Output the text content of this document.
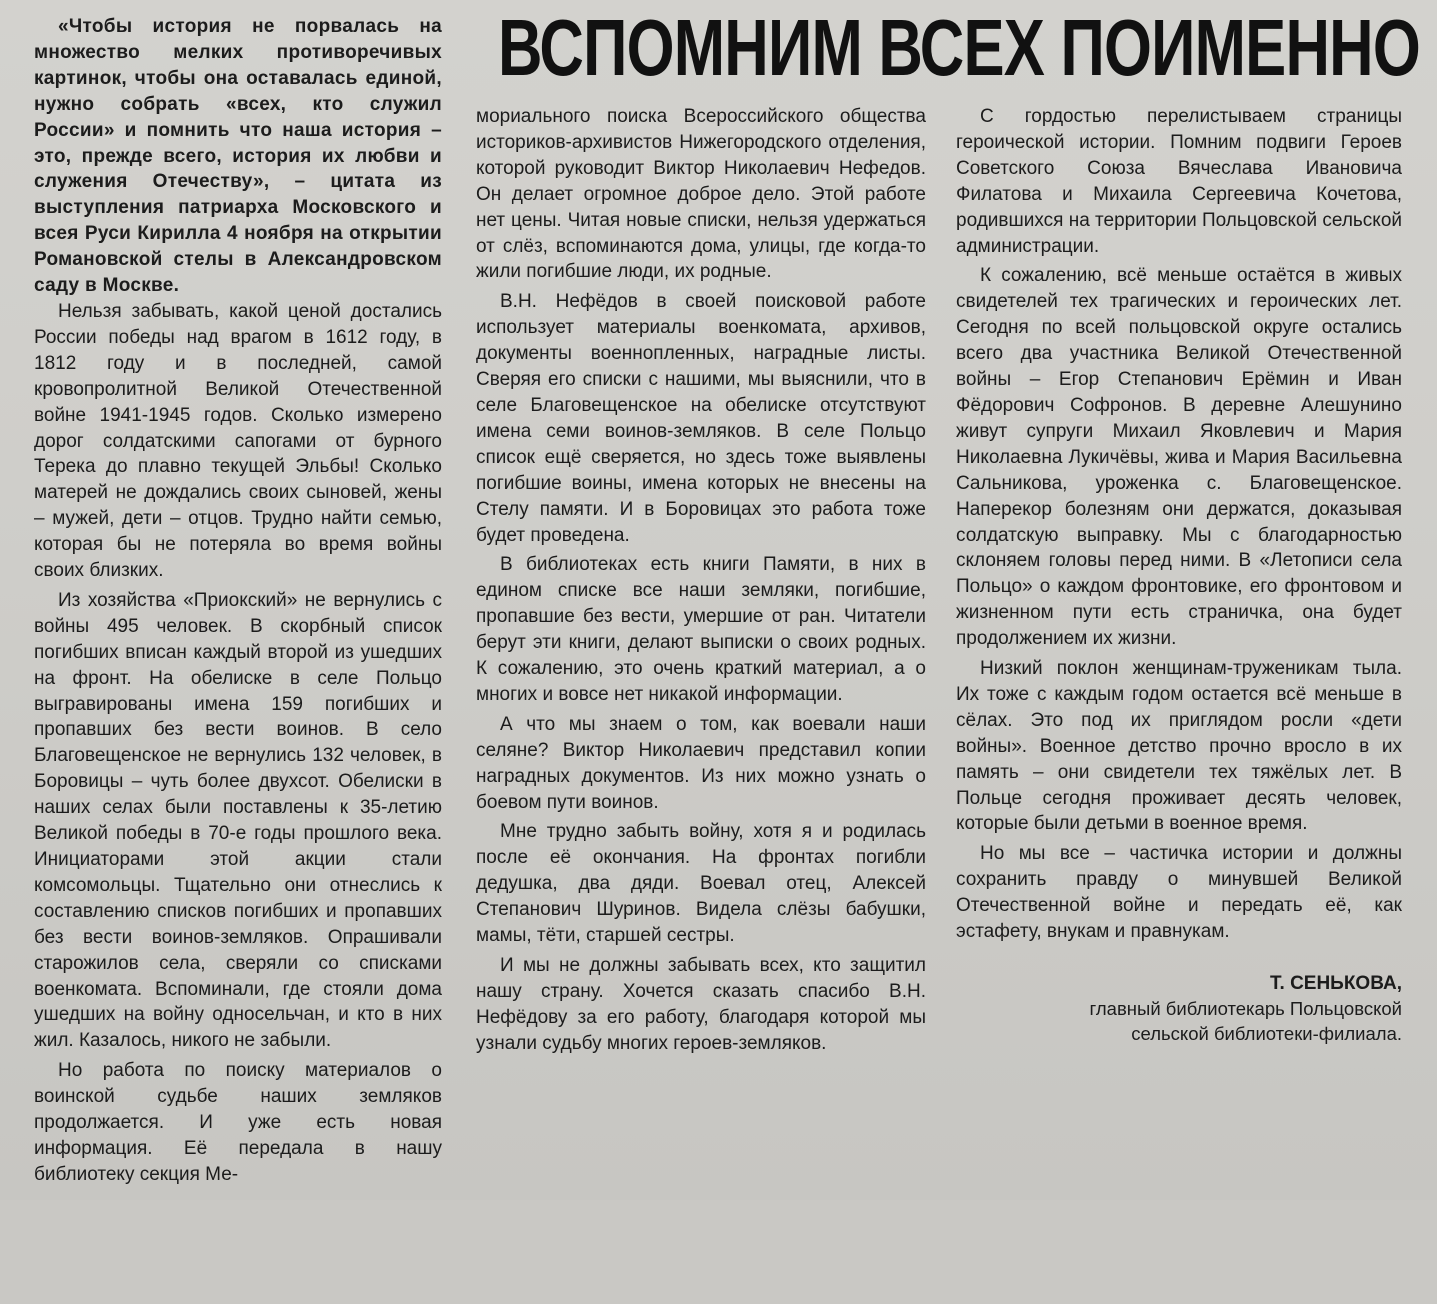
ВСПОМНИМ ВСЕХ ПОИМЕННО

«Чтобы история не порвалась на множество мелких противоречивых картинок, чтобы она оставалась единой, нужно собрать «всех, кто служил России» и помнить что наша история – это, прежде всего, история их любви и служения Отечеству», – цитата из выступления патриарха Московского и всея Руси Кирилла 4 ноября на открытии Романовской стелы в Александровском саду в Москве.

Нельзя забывать, какой ценой достались России победы над врагом в 1612 году, в 1812 году и в последней, самой кровопролитной Великой Отечественной войне 1941-1945 годов. Сколько измерено дорог солдатскими сапогами от бурного Терека до плавно текущей Эльбы! Сколько матерей не дождались своих сыновей, жены – мужей, дети – отцов. Трудно найти семью, которая бы не потеряла во время войны своих близких.

Из хозяйства «Приокский» не вернулись с войны 495 человек. В скорбный список погибших вписан каждый второй из ушедших на фронт. На обелиске в селе Польцо выгравированы имена 159 погибших и пропавших без вести воинов. В село Благовещенское не вернулись 132 человек, в Боровицы – чуть более двухсот. Обелиски в наших селах были поставлены к 35-летию Великой победы в 70-е годы прошлого века. Инициаторами этой акции стали комсомольцы. Тщательно они отнеслись к составлению списков погибших и пропавших без вести воинов-земляков. Опрашивали старожилов села, сверяли со списками военкомата. Вспоминали, где стояли дома ушедших на войну односельчан, и кто в них жил. Казалось, никого не забыли.

Но работа по поиску материалов о воинской судьбе наших земляков продолжается. И уже есть новая информация. Её передала в нашу библиотеку секция Ме-

мориального поиска Всероссийского общества историков-архивистов Нижегородского отделения, которой руководит Виктор Николаевич Нефедов. Он делает огромное доброе дело. Этой работе нет цены. Читая новые списки, нельзя удержаться от слёз, вспоминаются дома, улицы, где когда-то жили погибшие люди, их родные.

В.Н. Нефёдов в своей поисковой работе использует материалы военкомата, архивов, документы военнопленных, наградные листы. Сверяя его списки с нашими, мы выяснили, что в селе Благовещенское на обелиске отсутствуют имена семи воинов-земляков. В селе Польцо список ещё сверяется, но здесь тоже выявлены погибшие воины, имена которых не внесены на Стелу памяти. И в Боровицах это работа тоже будет проведена.

В библиотеках есть книги Памяти, в них в едином списке все наши земляки, погибшие, пропавшие без вести, умершие от ран. Читатели берут эти книги, делают выписки о своих родных. К сожалению, это очень краткий материал, а о многих и вовсе нет никакой информации.

А что мы знаем о том, как воевали наши селяне? Виктор Николаевич представил копии наградных документов. Из них можно узнать о боевом пути воинов.

Мне трудно забыть войну, хотя я и родилась после её окончания. На фронтах погибли дедушка, два дяди. Воевал отец, Алексей Степанович Шуринов. Видела слёзы бабушки, мамы, тёти, старшей сестры.

И мы не должны забывать всех, кто защитил нашу страну. Хочется сказать спасибо В.Н. Нефёдову за его работу, благодаря которой мы узнали судьбу многих героев-земляков.

С гордостью перелистываем страницы героической истории. Помним подвиги Героев Советского Союза Вячеслава Ивановича Филатова и Михаила Сергеевича Кочетова, родившихся на территории Польцовской сельской администрации.

К сожалению, всё меньше остаётся в живых свидетелей тех трагических и героических лет. Сегодня по всей польцовской округе остались всего два участника Великой Отечественной войны – Егор Степанович Ерёмин и Иван Фёдорович Софронов. В деревне Алешунино живут супруги Михаил Яковлевич и Мария Николаевна Лукичёвы, жива и Мария Васильевна Сальникова, уроженка с. Благовещенское. Наперекор болезням они держатся, доказывая солдатскую выправку. Мы с благодарностью склоняем головы перед ними. В «Летописи села Польцо» о каждом фронтовике, его фронтовом и жизненном пути есть страничка, она будет продолжением их жизни.

Низкий поклон женщинам-труженикам тыла. Их тоже с каждым годом остается всё меньше в сёлах. Это под их приглядом росли «дети войны». Военное детство прочно вросло в их память – они свидетели тех тяжёлых лет. В Польце сегодня проживает десять человек, которые были детьми в военное время.

Но мы все – частичка истории и должны сохранить правду о минувшей Великой Отечественной войне и передать её, как эстафету, внукам и правнукам.

Т. СЕНЬКОВА,
главный библиотекарь Польцовской
сельской библиотеки-филиала.
